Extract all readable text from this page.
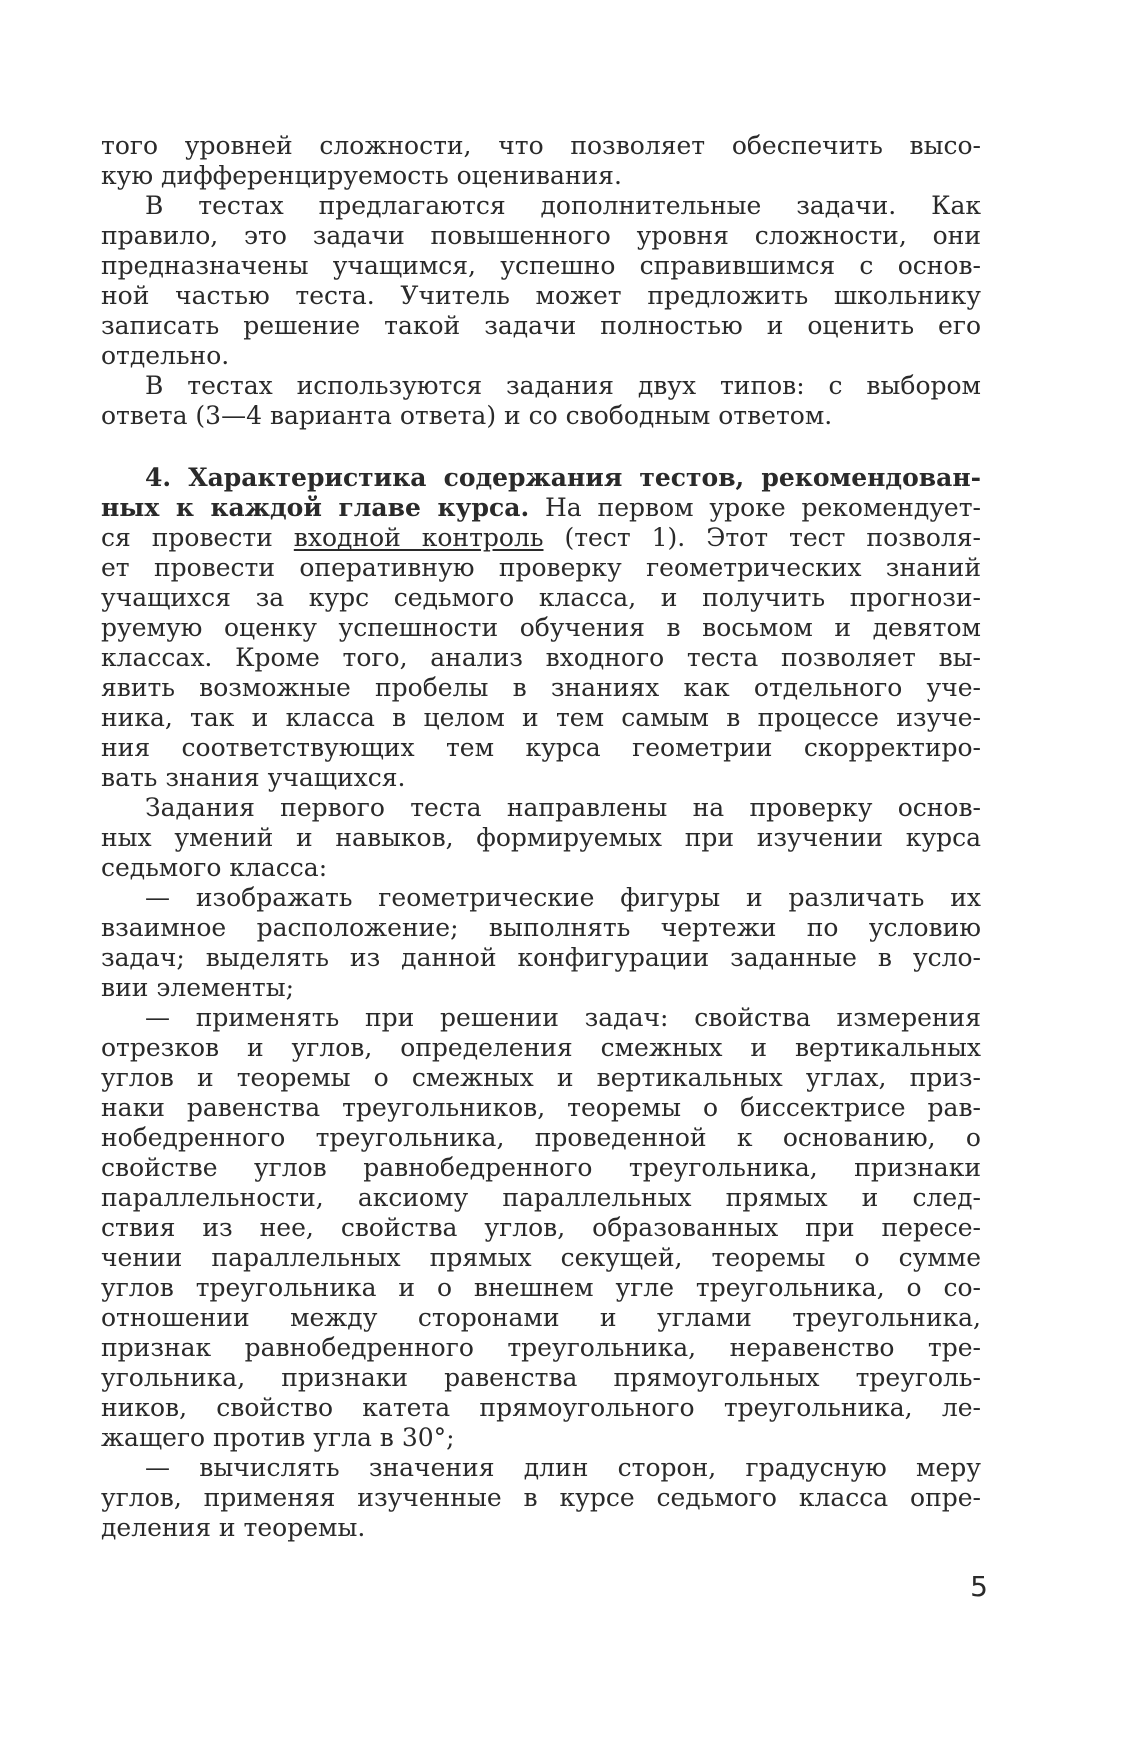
того уровней сложности, что позволяет обеспечить высо-
кую дифференцируемость оценивания.
В тестах предлагаются дополнительные задачи. Как
правило, это задачи повышенного уровня сложности, они
предназначены учащимся, успешно справившимся с основ-
ной частью теста. Учитель может предложить школьнику
записать решение такой задачи полностью и оценить его
отдельно.
В тестах используются задания двух типов: с выбором
ответа (3—4 варианта ответа) и со свободным ответом.
4. Характеристика содержания тестов, рекомендован-
ных к каждой главе курса. На первом уроке рекомендует-
ся провести входной контроль (тест 1). Этот тест позволя-
ет провести оперативную проверку геометрических знаний
учащихся за курс седьмого класса, и получить прогнози-
руемую оценку успешности обучения в восьмом и девятом
классах. Кроме того, анализ входного теста позволяет вы-
явить возможные пробелы в знаниях как отдельного уче-
ника, так и класса в целом и тем самым в процессе изуче-
ния соответствующих тем курса геометрии скорректиро-
вать знания учащихся.
Задания первого теста направлены на проверку основ-
ных умений и навыков, формируемых при изучении курса
седьмого класса:
— изображать геометрические фигуры и различать их
взаимное расположение; выполнять чертежи по условию
задач; выделять из данной конфигурации заданные в усло-
вии элементы;
— применять при решении задач: свойства измерения
отрезков и углов, определения смежных и вертикальных
углов и теоремы о смежных и вертикальных углах, приз-
наки равенства треугольников, теоремы о биссектрисе рав-
нобедренного треугольника, проведенной к основанию, о
свойстве углов равнобедренного треугольника, признаки
параллельности, аксиому параллельных прямых и след-
ствия из нее, свойства углов, образованных при пересе-
чении параллельных прямых секущей, теоремы о сумме
углов треугольника и о внешнем угле треугольника, о со-
отношении между сторонами и углами треугольника,
признак равнобедренного треугольника, неравенство тре-
угольника, признаки равенства прямоугольных треуголь-
ников, свойство катета прямоугольного треугольника, ле-
жащего против угла в 30°;
— вычислять значения длин сторон, градусную меру
углов, применяя изученные в курсе седьмого класса опре-
деления и теоремы.
5
